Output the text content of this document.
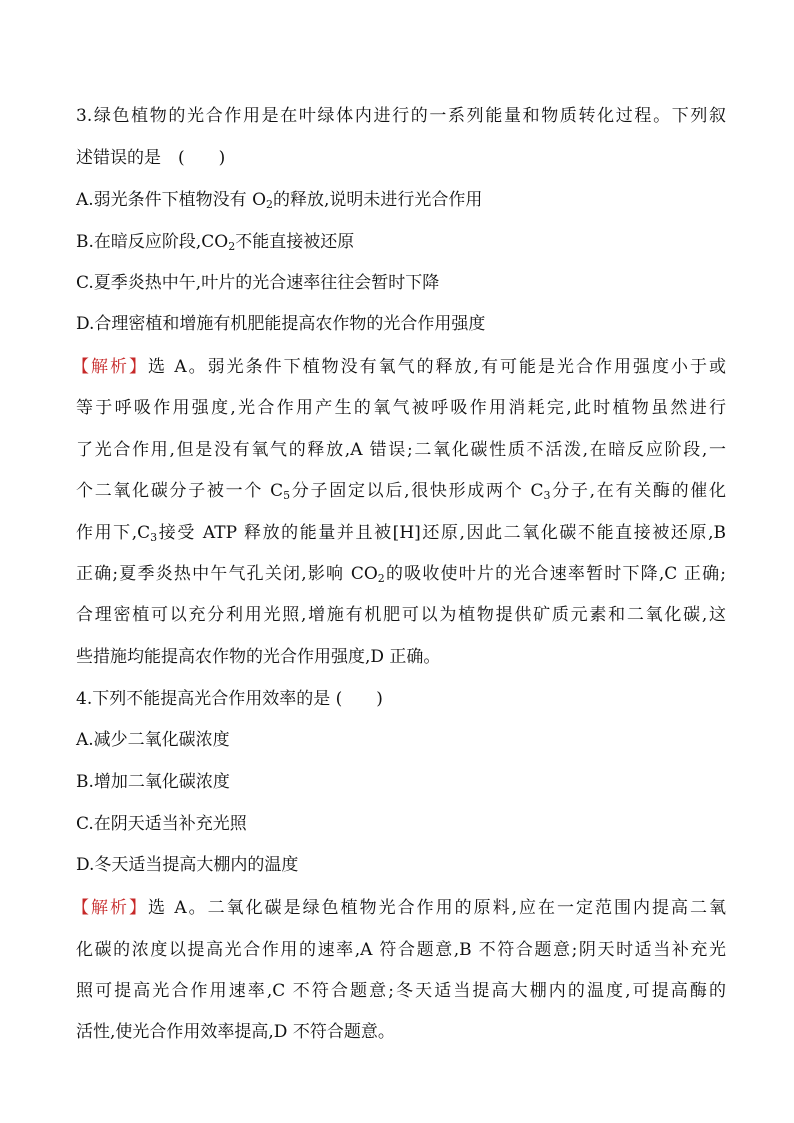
3.绿色植物的光合作用是在叶绿体内进行的一系列能量和物质转化过程。下列叙
述错误的是　(　　)
A.弱光条件下植物没有 $O_2$的释放,说明未进行光合作用
B.在暗反应阶段$,CO_2$不能直接被还原
C.夏季炎热中午,叶片的光合速率往往会暂时下降
D.合理密植和增施有机肥能提高农作物的光合作用强度
【解析】选 A。弱光条件下植物没有氧气的释放,有可能是光合作用强度小于或
等于呼吸作用强度,光合作用产生的氧气被呼吸作用消耗完,此时植物虽然进行
了光合作用,但是没有氧气的释放,A 错误;二氧化碳性质不活泼,在暗反应阶段,一
个二氧化碳分子被一个 $C_5$分子固定以后,很快形成两个 $C_3$分子,在有关酶的催化
作用下$,C_3$接受 ATP 释放的能量并且被[H]还原,因此二氧化碳不能直接被还原,B
正确;夏季炎热中午气孔关闭,影响 $CO_2$的吸收使叶片的光合速率暂时下降,C 正确;
合理密植可以充分利用光照,增施有机肥可以为植物提供矿质元素和二氧化碳,这
些措施均能提高农作物的光合作用强度,D 正确。
4.下列不能提高光合作用效率的是 (　　)
A.减少二氧化碳浓度
B.增加二氧化碳浓度
C.在阴天适当补充光照
D.冬天适当提高大棚内的温度
【解析】选 A。二氧化碳是绿色植物光合作用的原料,应在一定范围内提高二氧
化碳的浓度以提高光合作用的速率,A 符合题意,B 不符合题意;阴天时适当补充光
照可提高光合作用速率,C 不符合题意;冬天适当提高大棚内的温度,可提高酶的
活性,使光合作用效率提高,D 不符合题意。
